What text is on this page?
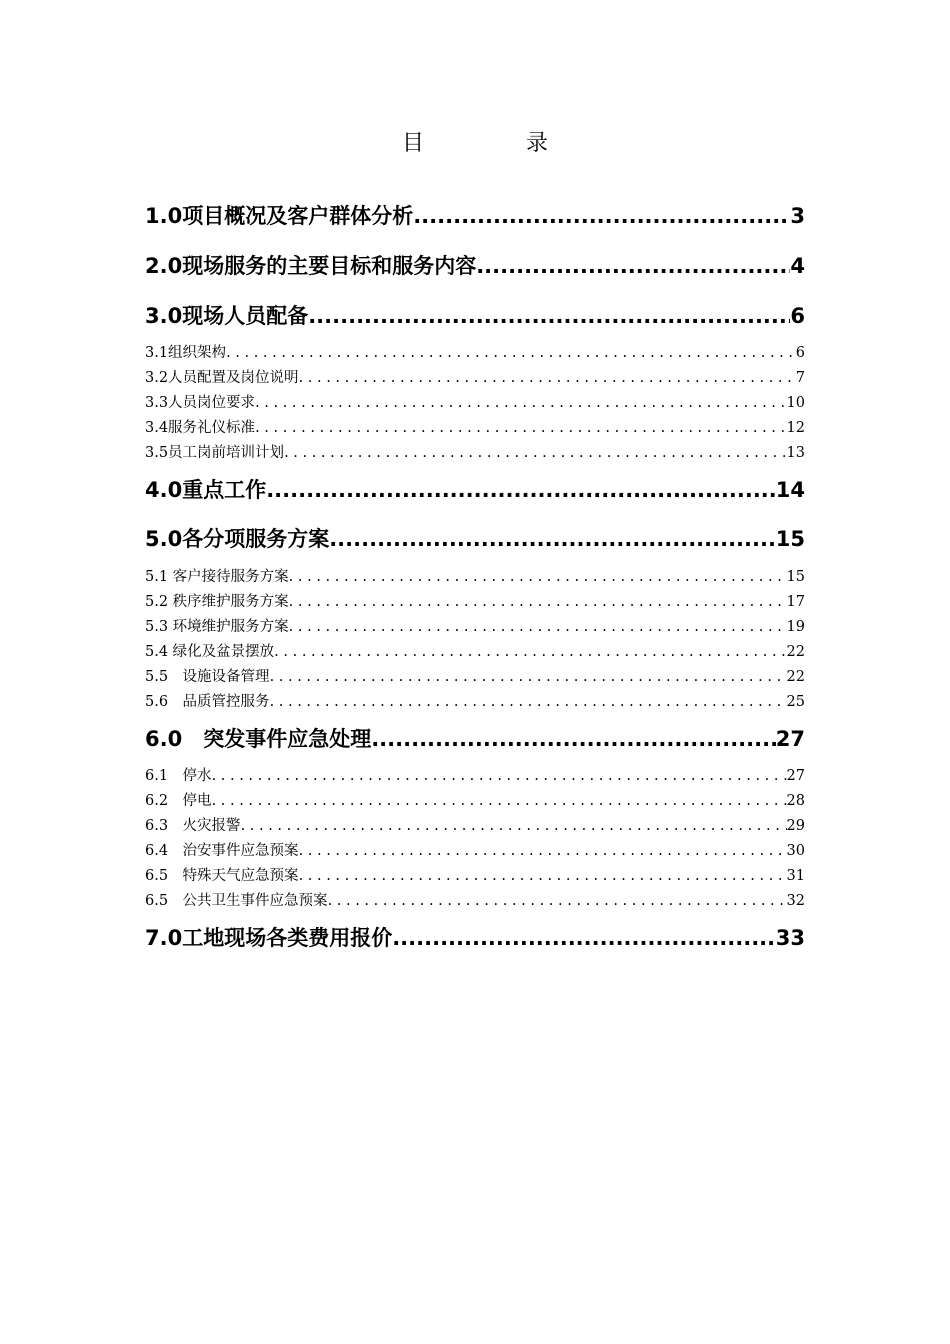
目　录
1.0项目概况及客户群体分析 .....	3
2.0现场服务的主要目标和服务内容 .....	4
3.0现场人员配备 .....	6
3.1组织架构 . . .	6
3.2人员配置及岗位说明 . . .	7
3.3人员岗位要求 . . .	10
3.4服务礼仪标准 . . .	12
3.5员工岗前培训计划 . . .	13
4.0重点工作 .....	14
5.0各分项服务方案 .....	15
5.1 客户接待服务方案 . . .	15
5.2 秩序维护服务方案 . . .	17
5.3 环境维护服务方案 . . .	19
5.4 绿化及盆景摆放 . . .	22
5.5　设施设备管理 . . .	22
5.6　品质管控服务 . . .	25
6.0　突发事件应急处理 .....	27
6.1　停水 . . .	27
6.2　停电 . . .	28
6.3　火灾报警 . . .	29
6.4　治安事件应急预案 . . .	30
6.5　特殊天气应急预案 . . .	31
6.5　公共卫生事件应急预案 . . .	32
7.0工地现场各类费用报价 .....	33
